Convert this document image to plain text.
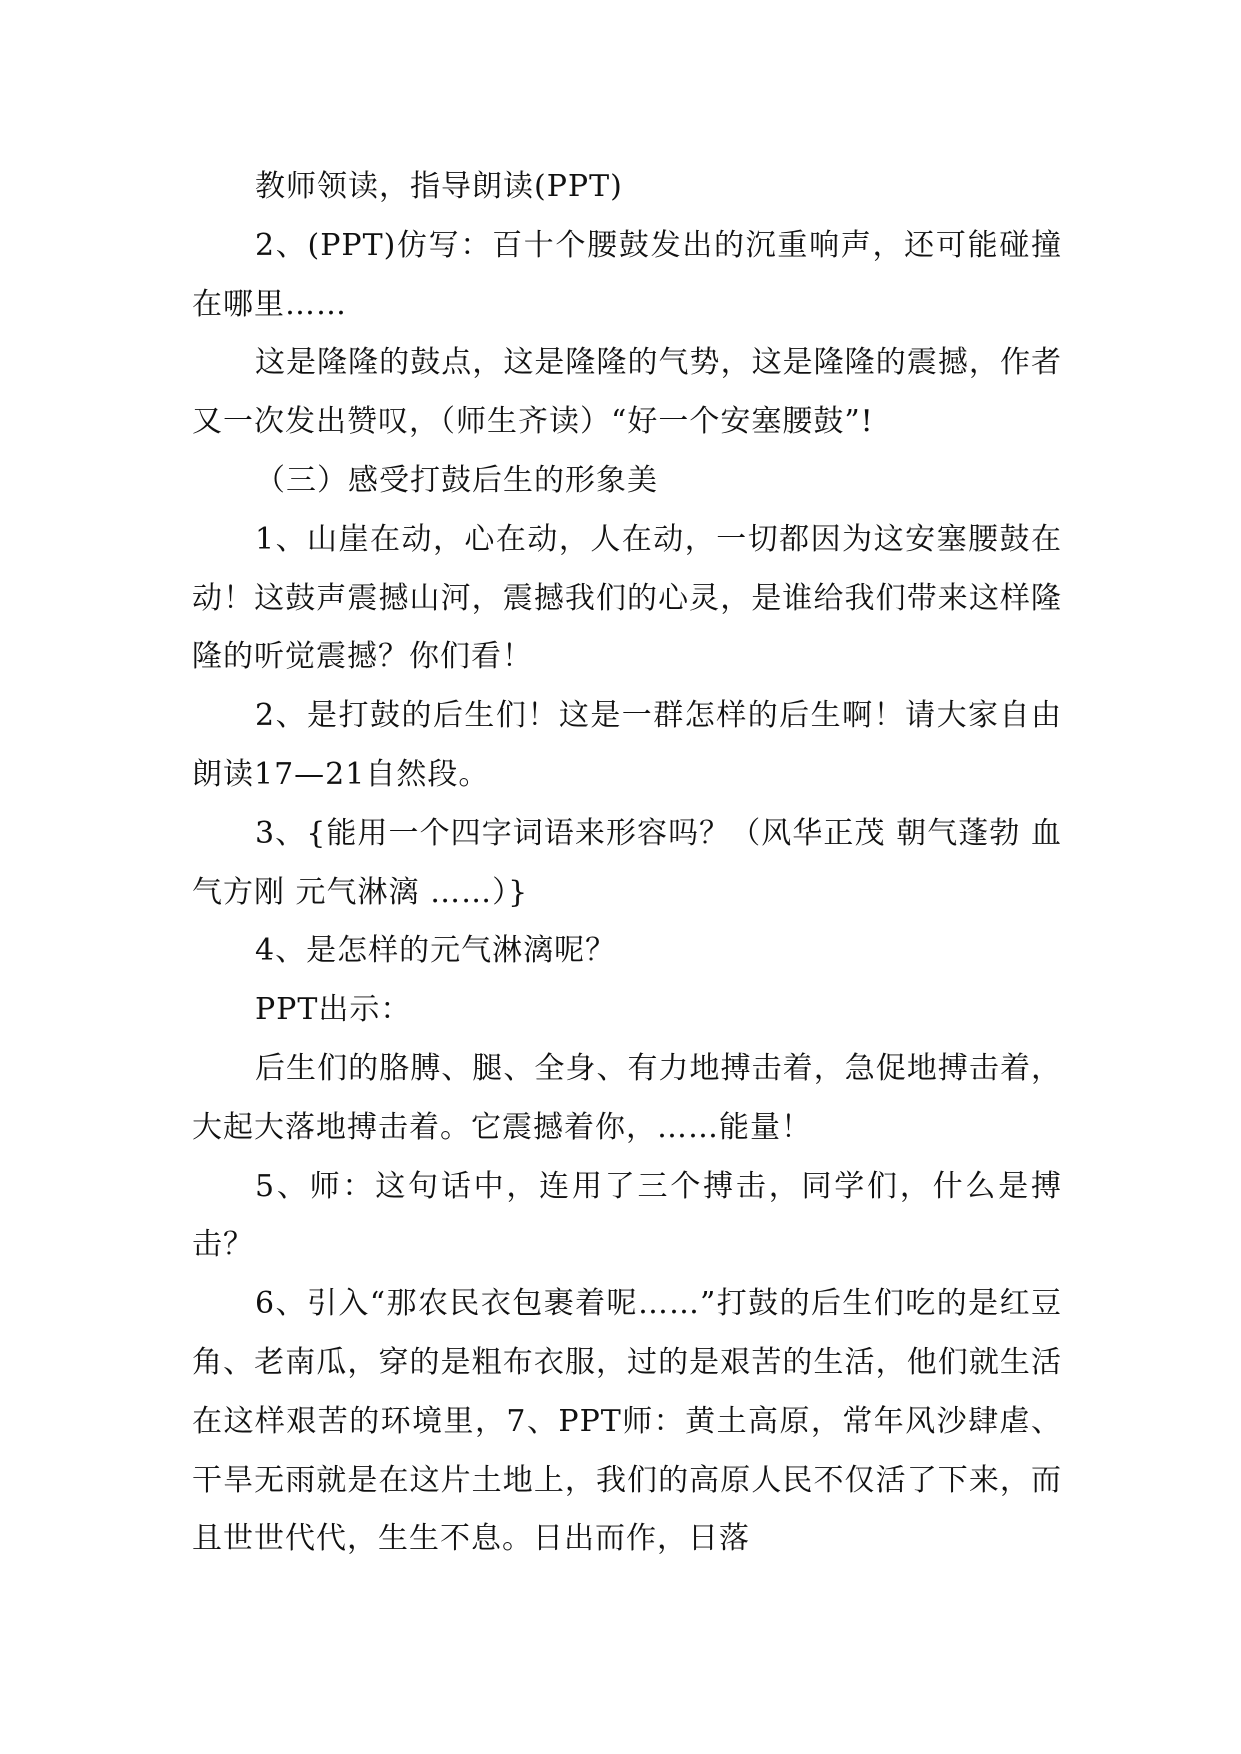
教师领读，指导朗读(PPT)

2、(PPT)仿写：百十个腰鼓发出的沉重响声，还可能碰撞在哪里……

这是隆隆的鼓点，这是隆隆的气势，这是隆隆的震撼，作者又一次发出赞叹，（师生齐读）“好一个安塞腰鼓”!

（三）感受打鼓后生的形象美

1、山崖在动，心在动，人在动，一切都因为这安塞腰鼓在动！这鼓声震撼山河，震撼我们的心灵，是谁给我们带来这样隆隆的听觉震撼？你们看！

2、是打鼓的后生们！这是一群怎样的后生啊！请大家自由朗读17—21自然段。

3、{能用一个四字词语来形容吗？（风华正茂 朝气蓬勃 血气方刚 元气淋漓 ……）}

4、是怎样的元气淋漓呢？

PPT出示：

后生们的胳膊、腿、全身、有力地搏击着，急促地搏击着，大起大落地搏击着。它震撼着你，……能量！

5、师：这句话中，连用了三个搏击，同学们，什么是搏击？

6、引入“那农民衣包裹着呢……”打鼓的后生们吃的是红豆角、老南瓜，穿的是粗布衣服，过的是艰苦的生活，他们就生活在这样艰苦的环境里，7、PPT师：黄土高原，常年风沙肆虐、干旱无雨就是在这片土地上，我们的高原人民不仅活了下来，而且世世代代，生生不息。日出而作，日落
